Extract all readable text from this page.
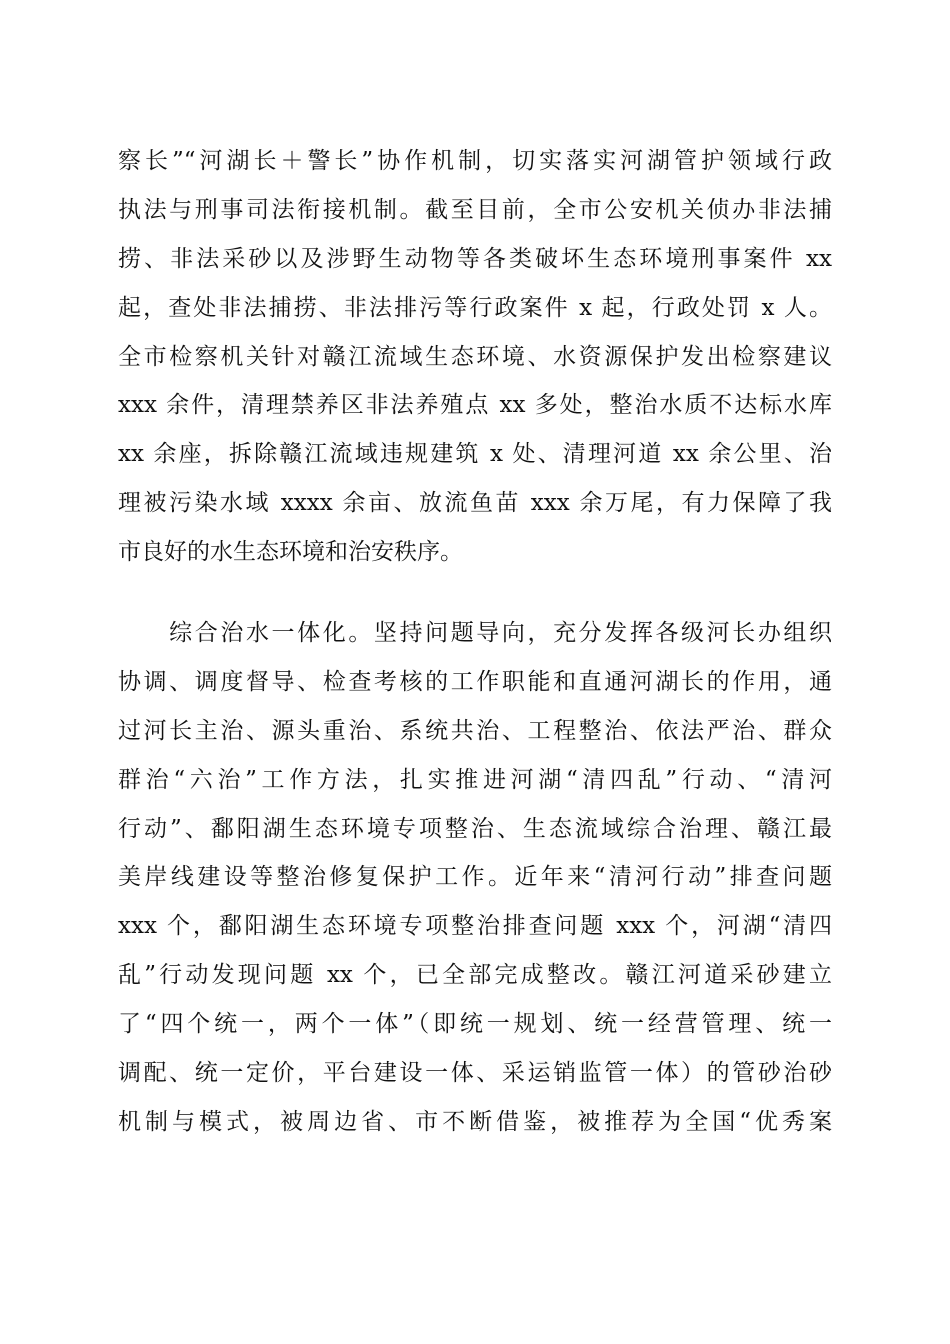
察长”“河湖长＋警长”协作机制，切实落实河湖管护领域行政
执法与刑事司法衔接机制。截至目前，全市公安机关侦办非法捕
捞、非法采砂以及涉野生动物等各类破坏生态环境刑事案件 xx
起，查处非法捕捞、非法排污等行政案件 x 起，行政处罚 x 人。
全市检察机关针对赣江流域生态环境、水资源保护发出检察建议
xxx 余件，清理禁养区非法养殖点 xx 多处，整治水质不达标水库
xx 余座，拆除赣江流域违规建筑 x 处、清理河道 xx 余公里、治
理被污染水域 xxxx 余亩、放流鱼苗 xxx 余万尾，有力保障了我
市良好的水生态环境和治安秩序。
　　综合治水一体化。坚持问题导向，充分发挥各级河长办组织
协调、调度督导、检查考核的工作职能和直通河湖长的作用，通
过河长主治、源头重治、系统共治、工程整治、依法严治、群众
群治“六治”工作方法，扎实推进河湖“清四乱”行动、“清河
行动”、鄱阳湖生态环境专项整治、生态流域综合治理、赣江最
美岸线建设等整治修复保护工作。近年来“清河行动”排查问题
xxx 个，鄱阳湖生态环境专项整治排查问题 xxx 个，河湖“清四
乱”行动发现问题 xx 个，已全部完成整改。赣江河道采砂建立
了“四个统一，两个一体”（即统一规划、统一经营管理、统一
调配、统一定价，平台建设一体、采运销监管一体）的管砂治砂
机制与模式，被周边省、市不断借鉴，被推荐为全国“优秀案
